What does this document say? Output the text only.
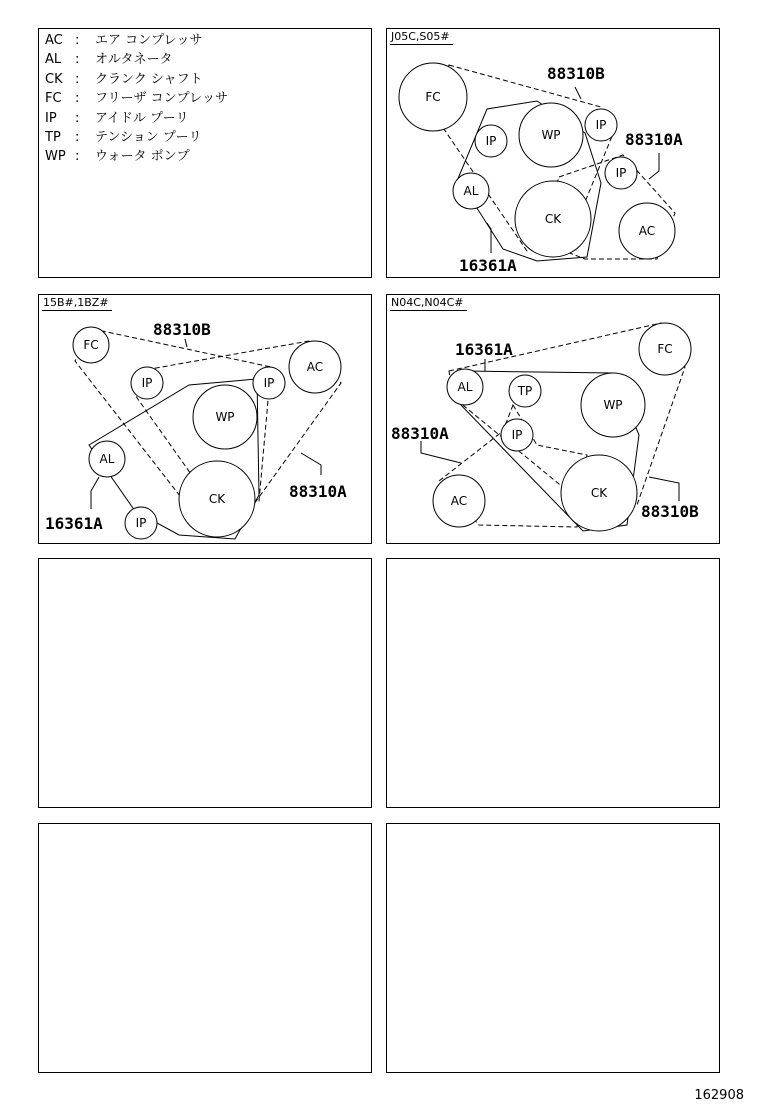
AC : エア コンプレッサ
AL : オルタネータ
CK : クランク シャフト
FC : フリーザ コンプレッサ
IP : アイドル プーリ
TP : テンション プーリ
WP : ウォータ ポンプ
FC
IP	WP
IP
IP
AL
CK
AC
88310B
88310A
16361A
J05C,S05#
FC
IP	IP
AC
WP
AL
CK
IP
88310B
88310A
16361A
15B#,1BZ#
FC
AL	TP
WP
IP
AC
CK
16361A
88310A
88310B
N04C,N04C#
162908
